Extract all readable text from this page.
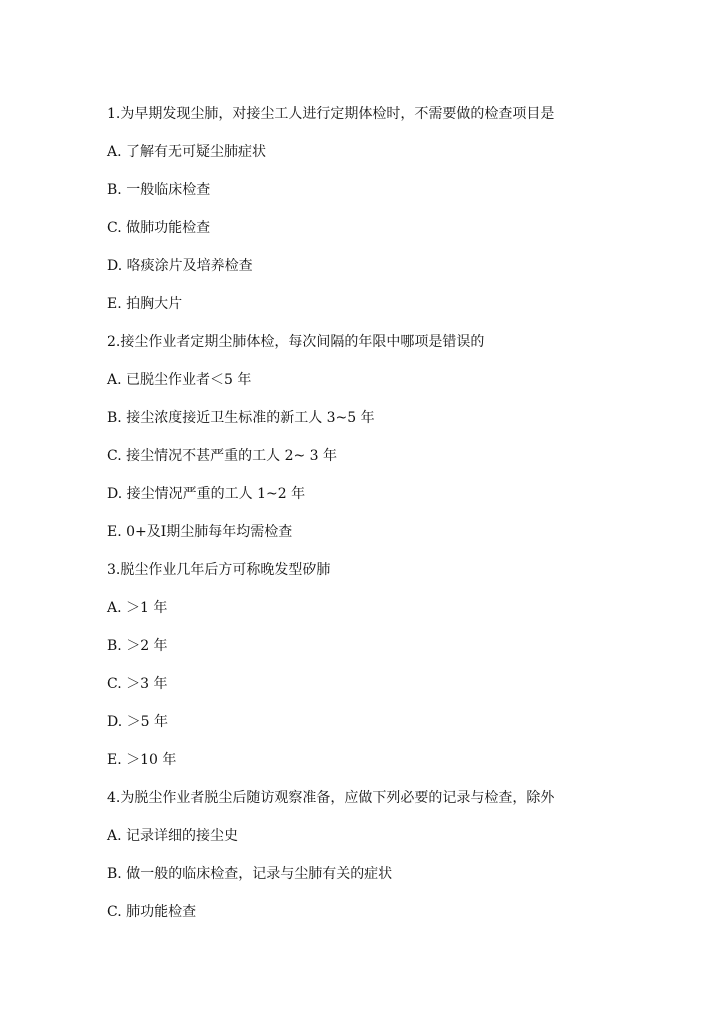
1.为早期发现尘肺，对接尘工人进行定期体检时，不需要做的检查项目是
A. 了解有无可疑尘肺症状
B. 一般临床检查
C. 做肺功能检查
D. 咯痰涂片及培养检查
E. 拍胸大片
2.接尘作业者定期尘肺体检，每次间隔的年限中哪项是错误的
A. 已脱尘作业者＜5 年
B. 接尘浓度接近卫生标准的新工人 3~5 年
C. 接尘情况不甚严重的工人 2~ 3 年
D. 接尘情况严重的工人 1~2 年
E. 0+及Ⅰ期尘肺每年均需检查
3.脱尘作业几年后方可称晚发型矽肺
A. ＞1 年
B. ＞2 年
C. ＞3 年
D. ＞5 年
E. ＞10 年
4.为脱尘作业者脱尘后随访观察准备，应做下列必要的记录与检查，除外
A. 记录详细的接尘史
B. 做一般的临床检查，记录与尘肺有关的症状
C. 肺功能检查
